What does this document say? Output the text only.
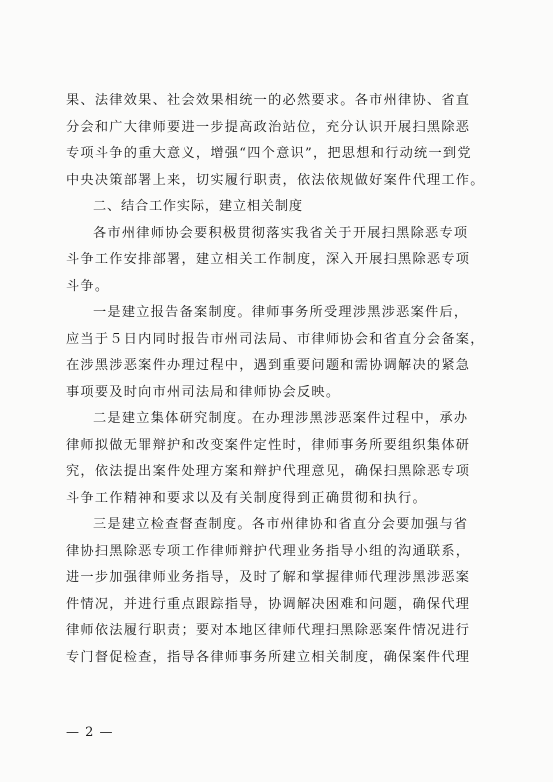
果、法律效果、社会效果相统一的必然要求。各市州律协、省直
分会和广大律师要进一步提高政治站位，充分认识开展扫黑除恶
专项斗争的重大意义，增强“四个意识”，把思想和行动统一到党
中央决策部署上来，切实履行职责，依法依规做好案件代理工作。
二、结合工作实际，建立相关制度
各市州律师协会要积极贯彻落实我省关于开展扫黑除恶专项
斗争工作安排部署，建立相关工作制度，深入开展扫黑除恶专项
斗争。
一是建立报告备案制度。律师事务所受理涉黑涉恶案件后，
应当于５日内同时报告市州司法局、市律师协会和省直分会备案，
在涉黑涉恶案件办理过程中，遇到重要问题和需协调解决的紧急
事项要及时向市州司法局和律师协会反映。
二是建立集体研究制度。在办理涉黑涉恶案件过程中，承办
律师拟做无罪辩护和改变案件定性时，律师事务所要组织集体研
究，依法提出案件处理方案和辩护代理意见，确保扫黑除恶专项
斗争工作精神和要求以及有关制度得到正确贯彻和执行。
三是建立检查督查制度。各市州律协和省直分会要加强与省
律协扫黑除恶专项工作律师辩护代理业务指导小组的沟通联系，
进一步加强律师业务指导，及时了解和掌握律师代理涉黑涉恶案
件情况，并进行重点跟踪指导，协调解决困难和问题，确保代理
律师依法履行职责；要对本地区律师代理扫黑除恶案件情况进行
专门督促检查，指导各律师事务所建立相关制度，确保案件代理
— 2 —
